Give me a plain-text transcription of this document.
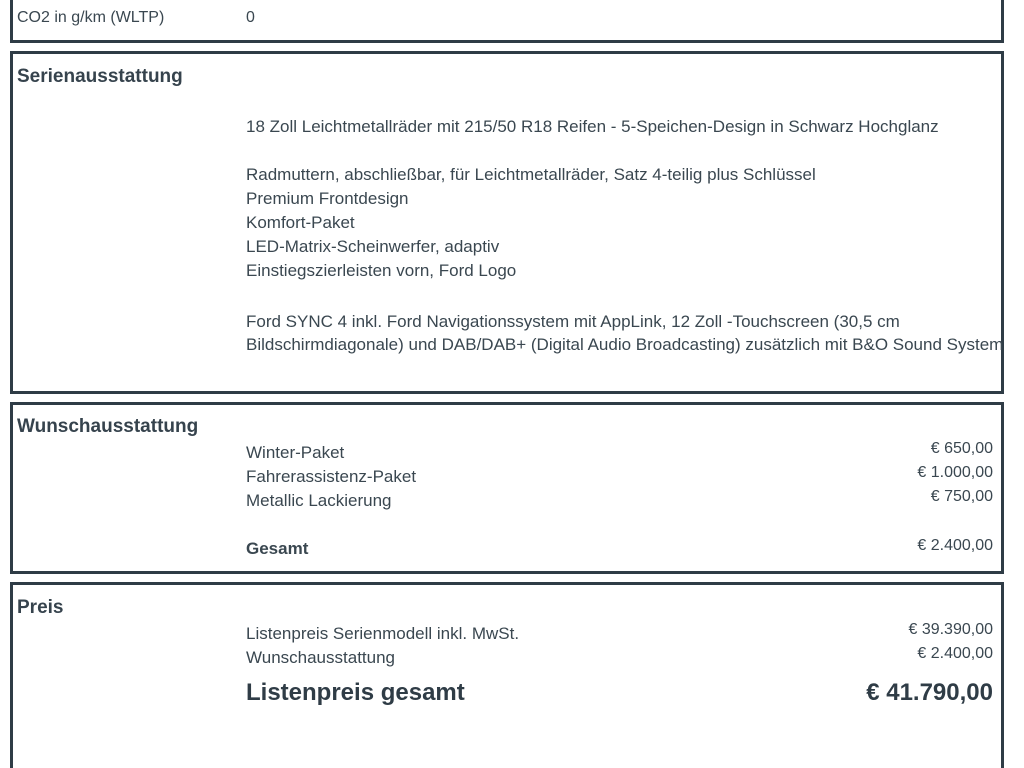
CO2 in g/km (WLTP)	0
Serienausstattung
18 Zoll Leichtmetallräder mit 215/50 R18 Reifen - 5-Speichen-Design in Schwarz Hochglanz
Radmuttern, abschließbar, für Leichtmetallräder, Satz 4-teilig plus Schlüssel
Premium Frontdesign
Komfort-Paket
LED-Matrix-Scheinwerfer, adaptiv
Einstiegszierleisten vorn, Ford Logo
Ford SYNC 4 inkl. Ford Navigationssystem mit AppLink, 12 Zoll -Touchscreen (30,5 cm Bildschirmdiagonale) und DAB/DAB+ (Digital Audio Broadcasting) zusätzlich mit B&O Sound System
Wunschausstattung
Winter-Paket	€ 650,00
Fahrerassistenz-Paket	€ 1.000,00
Metallic Lackierung	€ 750,00
Gesamt	€ 2.400,00
Preis
Listenpreis Serienmodell inkl. MwSt.	€ 39.390,00
Wunschausstattung	€ 2.400,00
Listenpreis gesamt	€ 41.790,00
